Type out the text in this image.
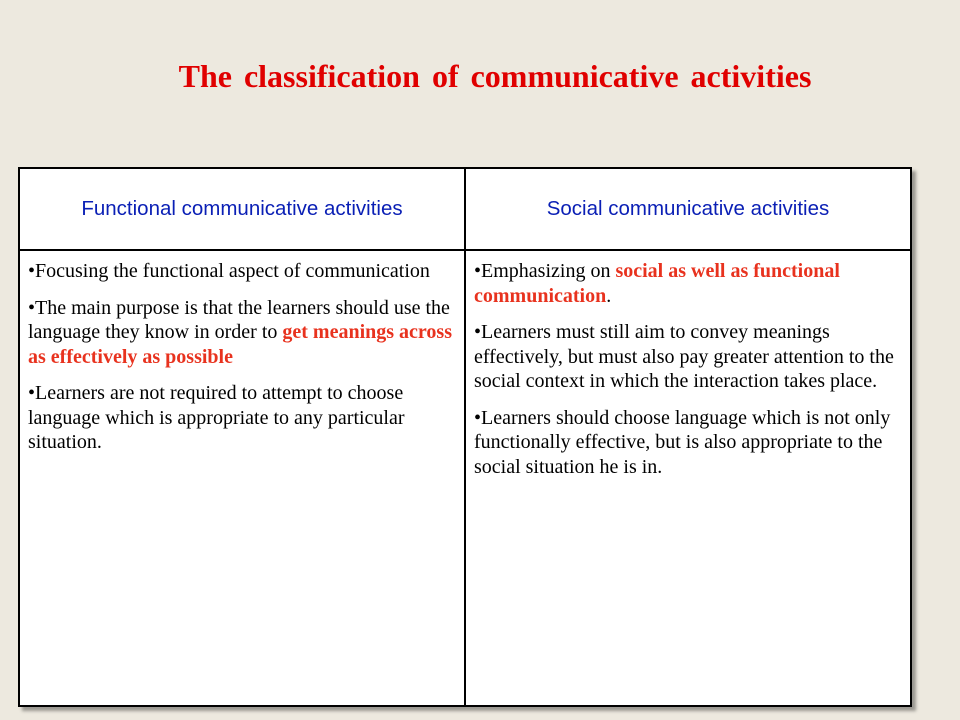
The classification of communicative activities
Functional communicative activities	Social communicative activities
• Focusing the functional aspect of communication
• The main purpose is that the learners should use the language they know in order to get meanings across as effectively as possible
• Learners are not required to attempt to choose language which is appropriate to any particular situation.
• Emphasizing on social as well as functional communication.
• Learners must still aim to convey meanings effectively, but must also pay greater attention to the social context in which the interaction takes place.
• Learners should choose language which is not only functionally effective, but is also appropriate to the social situation he is in.
